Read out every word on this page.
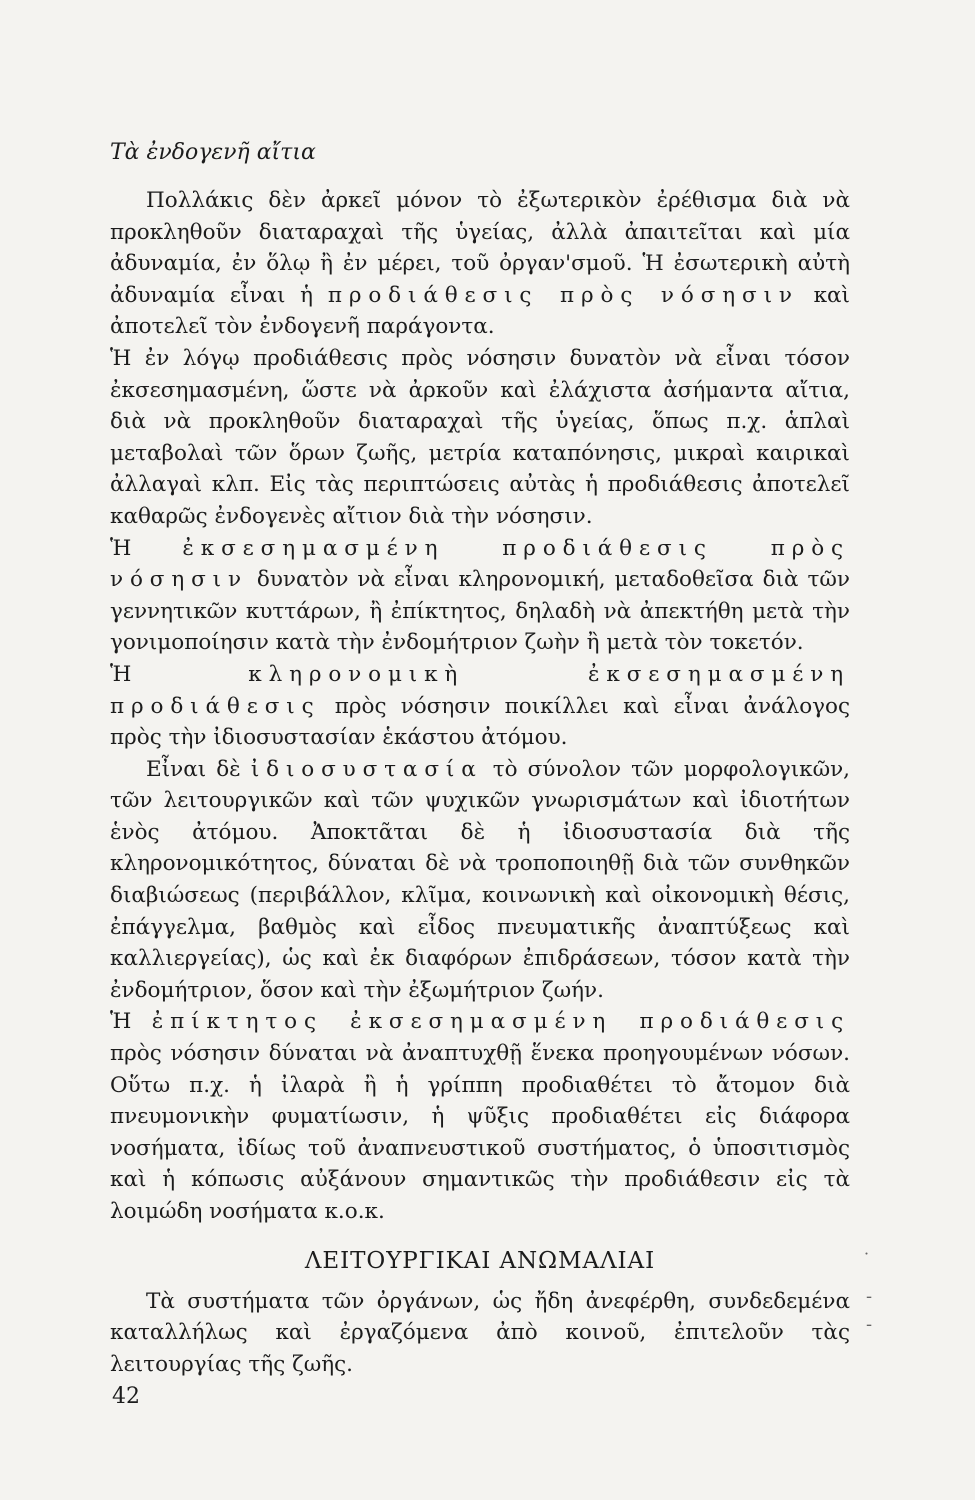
Τὰ ἐνδογενῆ αἴτια

Πολλάκις δὲν ἀρκεῖ μόνον τὸ ἐξωτερικὸν ἐρέθισμα διὰ νὰ προκληθοῦν διαταραχαὶ τῆς ὑγείας, ἀλλὰ ἀπαιτεῖται καὶ μία ἀδυναμία, ἐν ὅλῳ ἢ ἐν μέρει, τοῦ ὀργαν'σμοῦ. Ἡ ἐσωτερικὴ αὐτὴ ἀδυναμία εἶναι ἡ προδιάθεσις πρὸς νόσησιν καὶ ἀποτελεῖ τὸν ἐνδογενῆ παράγοντα.

Ἡ ἐν λόγῳ προδιάθεσις πρὸς νόσησιν δυνατὸν νὰ εἶναι τόσον ἐκσεσημασμένη, ὥστε νὰ ἀρκοῦν καὶ ἐλάχιστα ἀσήμαντα αἴτια, διὰ νὰ προκληθοῦν διαταραχαὶ τῆς ὑγείας, ὅπως π.χ. ἁπλαὶ μεταβολαὶ τῶν ὅρων ζωῆς, μετρία καταπόνησις, μικραὶ καιρικαὶ ἀλλαγαὶ κλπ. Εἰς τὰς περιπτώσεις αὐτὰς ἡ προδιάθεσις ἀποτελεῖ καθαρῶς ἐνδογενὲς αἴτιον διὰ τὴν νόσησιν.

Ἡ ἐκσεσημασμένη προδιάθεσις πρὸς νόσησιν δυνατὸν νὰ εἶναι κληρονομική, μεταδοθεῖσα διὰ τῶν γεννητικῶν κυττάρων, ἢ ἐπίκτητος, δηλαδὴ νὰ ἀπεκτήθη μετὰ τὴν γονιμοποίησιν κατὰ τὴν ἐνδομήτριον ζωὴν ἢ μετὰ τὸν τοκετόν.

Ἡ κληρονομικὴ ἐκσεσημασμένη προδιάθεσις πρὸς νόσησιν ποικίλλει καὶ εἶναι ἀνάλογος πρὸς τὴν ἰδιοσυστασίαν ἑκάστου ἀτόμου.

Εἶναι δὲ ἰδιοσυστασία τὸ σύνολον τῶν μορφολογικῶν, τῶν λειτουργικῶν καὶ τῶν ψυχικῶν γνωρισμάτων καὶ ἰδιοτήτων ἑνὸς ἀτόμου. Ἀποκτᾶται δὲ ἡ ἰδιοσυστασία διὰ τῆς κληρονομικότητος, δύναται δὲ νὰ τροποποιηθῇ διὰ τῶν συνθηκῶν διαβιώσεως (περιβάλλον, κλῖμα, κοινωνικὴ καὶ οἰκονομικὴ θέσις, ἐπάγγελμα, βαθμὸς καὶ εἶδος πνευματικῆς ἀναπτύξεως καὶ καλλιεργείας), ὡς καὶ ἐκ διαφόρων ἐπιδράσεων, τόσον κατὰ τὴν ἐνδομήτριον, ὅσον καὶ τὴν ἐξωμήτριον ζωήν.

Ἡ ἐπίκτητος ἐκσεσημασμένη προδιάθεσις πρὸς νόσησιν δύναται νὰ ἀναπτυχθῇ ἕνεκα προηγουμένων νόσων. Οὕτω π.χ. ἡ ἰλαρὰ ἢ ἡ γρίππη προδιαθέτει τὸ ἄτομον διὰ πνευμονικὴν φυματίωσιν, ἡ ψῦξις προδιαθέτει εἰς διάφορα νοσήματα, ἰδίως τοῦ ἀναπνευστικοῦ συστήματος, ὁ ὑποσιτισμὸς καὶ ἡ κόπωσις αὐξάνουν σημαντικῶς τὴν προδιάθεσιν εἰς τὰ λοιμώδη νοσήματα κ.ο.κ.

ΛΕΙΤΟΥΡΓΙΚΑΙ ΑΝΩΜΑΛΙΑΙ

Τὰ συστήματα τῶν ὀργάνων, ὡς ἤδη ἀνεφέρθη, συνδεδεμένα καταλλήλως καὶ ἐργαζόμενα ἀπὸ κοινοῦ, ἐπιτελοῦν τὰς λειτουργίας τῆς ζωῆς.

42
˙
-
-
